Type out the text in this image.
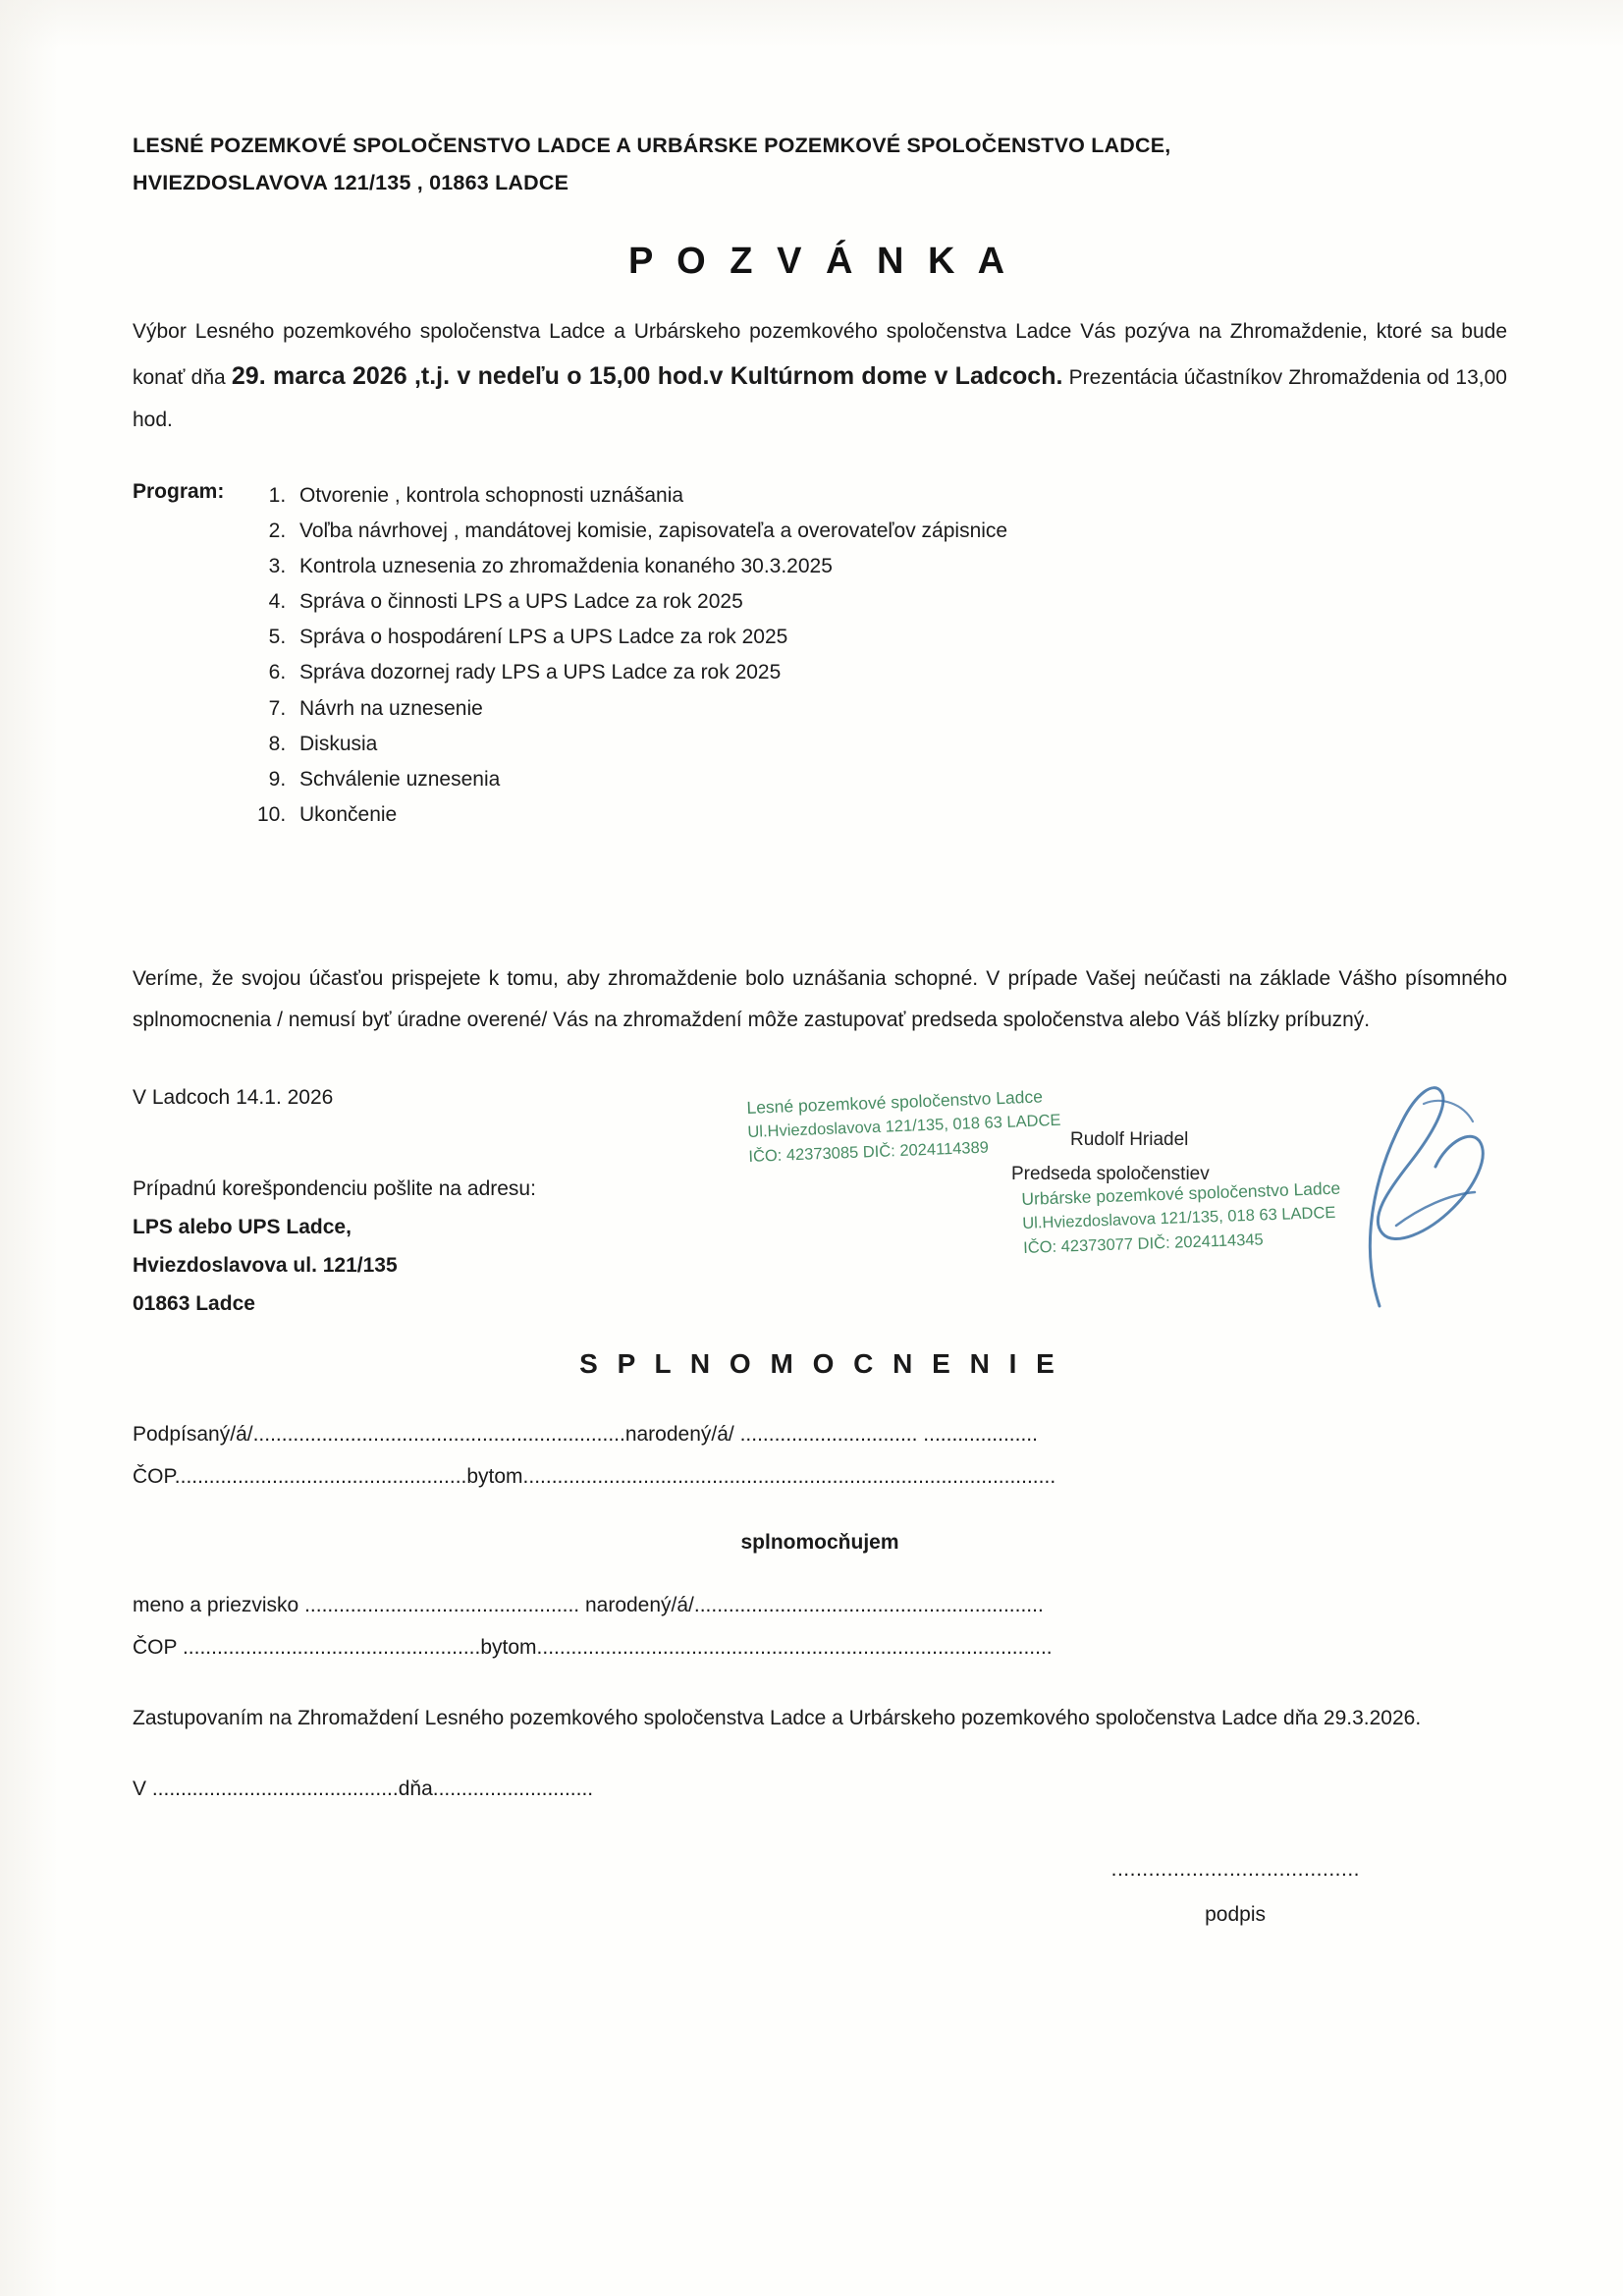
LESNÉ POZEMKOVÉ SPOLOČENSTVO LADCE A URBÁRSKE POZEMKOVÉ SPOLOČENSTVO LADCE,
HVIEZDOSLAVOVA 121/135 , 01863 LADCE
P O Z V Á N K A
Výbor Lesného pozemkového spoločenstva Ladce a Urbárskeho pozemkového spoločenstva Ladce Vás pozýva na Zhromaždenie, ktoré sa bude konať dňa 29. marca 2026 ,t.j. v nedeľu o 15,00 hod.v Kultúrnom dome v Ladcoch. Prezentácia účastníkov Zhromaždenia od 13,00 hod.
Program:	1. Otvorenie , kontrola schopnosti uznášania
2. Voľba návrhovej , mandátovej komisie, zapisovateľa a overovateľov zápisnice
3. Kontrola uznesenia zo zhromaždenia konaného 30.3.2025
4. Správa o činnosti LPS a UPS Ladce za rok 2025
5. Správa o hospodárení LPS a UPS Ladce za rok 2025
6. Správa dozornej rady LPS a UPS Ladce za rok 2025
7. Návrh na uznesenie
8. Diskusia
9. Schválenie uznesenia
10. Ukončenie
Veríme, že svojou účasťou prispejete k tomu, aby zhromaždenie bolo uznášania schopné. V prípade Vašej neúčasti na základe Vášho písomného splnomocnenia / nemusí byť úradne overené/ Vás na zhromaždení môže zastupovať predseda spoločenstva alebo Váš blízky príbuzný.
V Ladcoch 14.1. 2026
Prípadnú korešpondenciu pošlite na adresu:
LPS alebo UPS Ladce,
Hviezdoslavova ul. 121/135
01863 Ladce
S P L N O M O C N E N I E
Podpísaný/á/.................................................................narodený/á/ ............................... ....................
ČOP...................................................bytom.............................................................................................
splnomocňujem
meno a priezvisko ................................................ narodený/á/.............................................................
ČOP ....................................................bytom..........................................................................................
Zastupovaním na Zhromaždení Lesného pozemkového spoločenstva Ladce a Urbárskeho pozemkového spoločenstva Ladce dňa 29.3.2026.
V ...........................................dňa............................
........................................
podpis
Lesné pozemkové spoločenstvo Ladce
Ul.Hviezdoslavova 121/135, 018 63 LADCE
IČO: 42373085 DIČ: 2024114389
Urbárske pozemkové spoločenstvo Ladce
Ul.Hviezdoslavova 121/135, 018 63 LADCE
IČO: 42373077 DIČ: 2024114345
Rudolf Hriadel
Predseda spoločenstiev
